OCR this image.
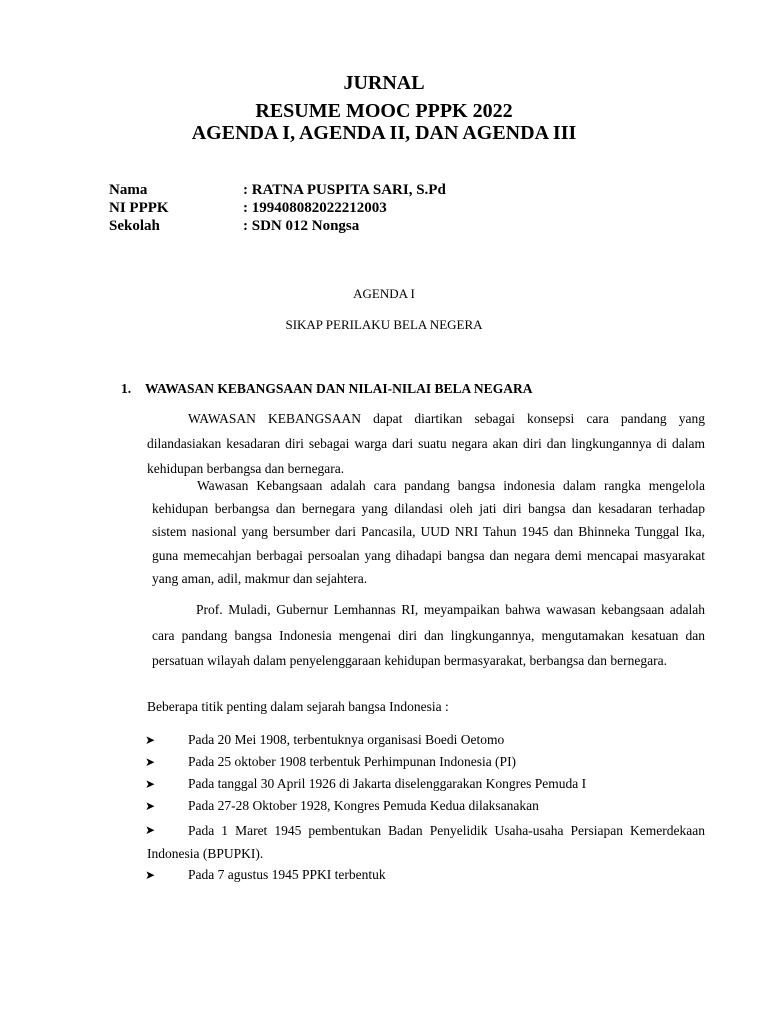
JURNAL
RESUME MOOC PPPK 2022
AGENDA I, AGENDA II, DAN AGENDA III
Nama	: RATNA PUSPITA SARI, S.Pd
NI PPPK	: 199408082022212003
Sekolah	: SDN 012 Nongsa
AGENDA I
SIKAP PERILAKU BELA NEGERA
1. WAWASAN KEBANGSAAN DAN NILAI-NILAI BELA NEGARA
WAWASAN KEBANGSAAN dapat diartikan sebagai konsepsi cara pandang yang dilandasiakan kesadaran diri sebagai warga dari suatu negara akan diri dan lingkungannya di dalam kehidupan berbangsa dan bernegara.
Wawasan Kebangsaan adalah cara pandang bangsa indonesia dalam rangka mengelola kehidupan berbangsa dan bernegara yang dilandasi oleh jati diri bangsa dan kesadaran terhadap sistem nasional yang bersumber dari Pancasila, UUD NRI Tahun 1945 dan Bhinneka Tunggal Ika, guna memecahjan berbagai persoalan yang dihadapi bangsa dan negara demi mencapai masyarakat yang aman, adil, makmur dan sejahtera.
Prof. Muladi, Gubernur Lemhannas RI, meyampaikan bahwa wawasan kebangsaan adalah cara pandang bangsa Indonesia mengenai diri dan lingkungannya, mengutamakan kesatuan dan persatuan wilayah dalam penyelenggaraan kehidupan bermasyarakat, berbangsa dan bernegara.
Beberapa titik penting dalam sejarah bangsa Indonesia :
➤	Pada 20 Mei 1908, terbentuknya organisasi Boedi Oetomo
➤	Pada 25 oktober 1908 terbentuk Perhimpunan Indonesia (PI)
➤	Pada tanggal 30 April 1926 di Jakarta diselenggarakan Kongres Pemuda I
➤	Pada 27-28 Oktober 1928, Kongres Pemuda Kedua dilaksanakan
➤	Pada 1 Maret 1945 pembentukan Badan Penyelidik Usaha-usaha Persiapan Kemerdekaan Indonesia (BPUPKI).
➤	Pada 7 agustus 1945 PPKI terbentuk
